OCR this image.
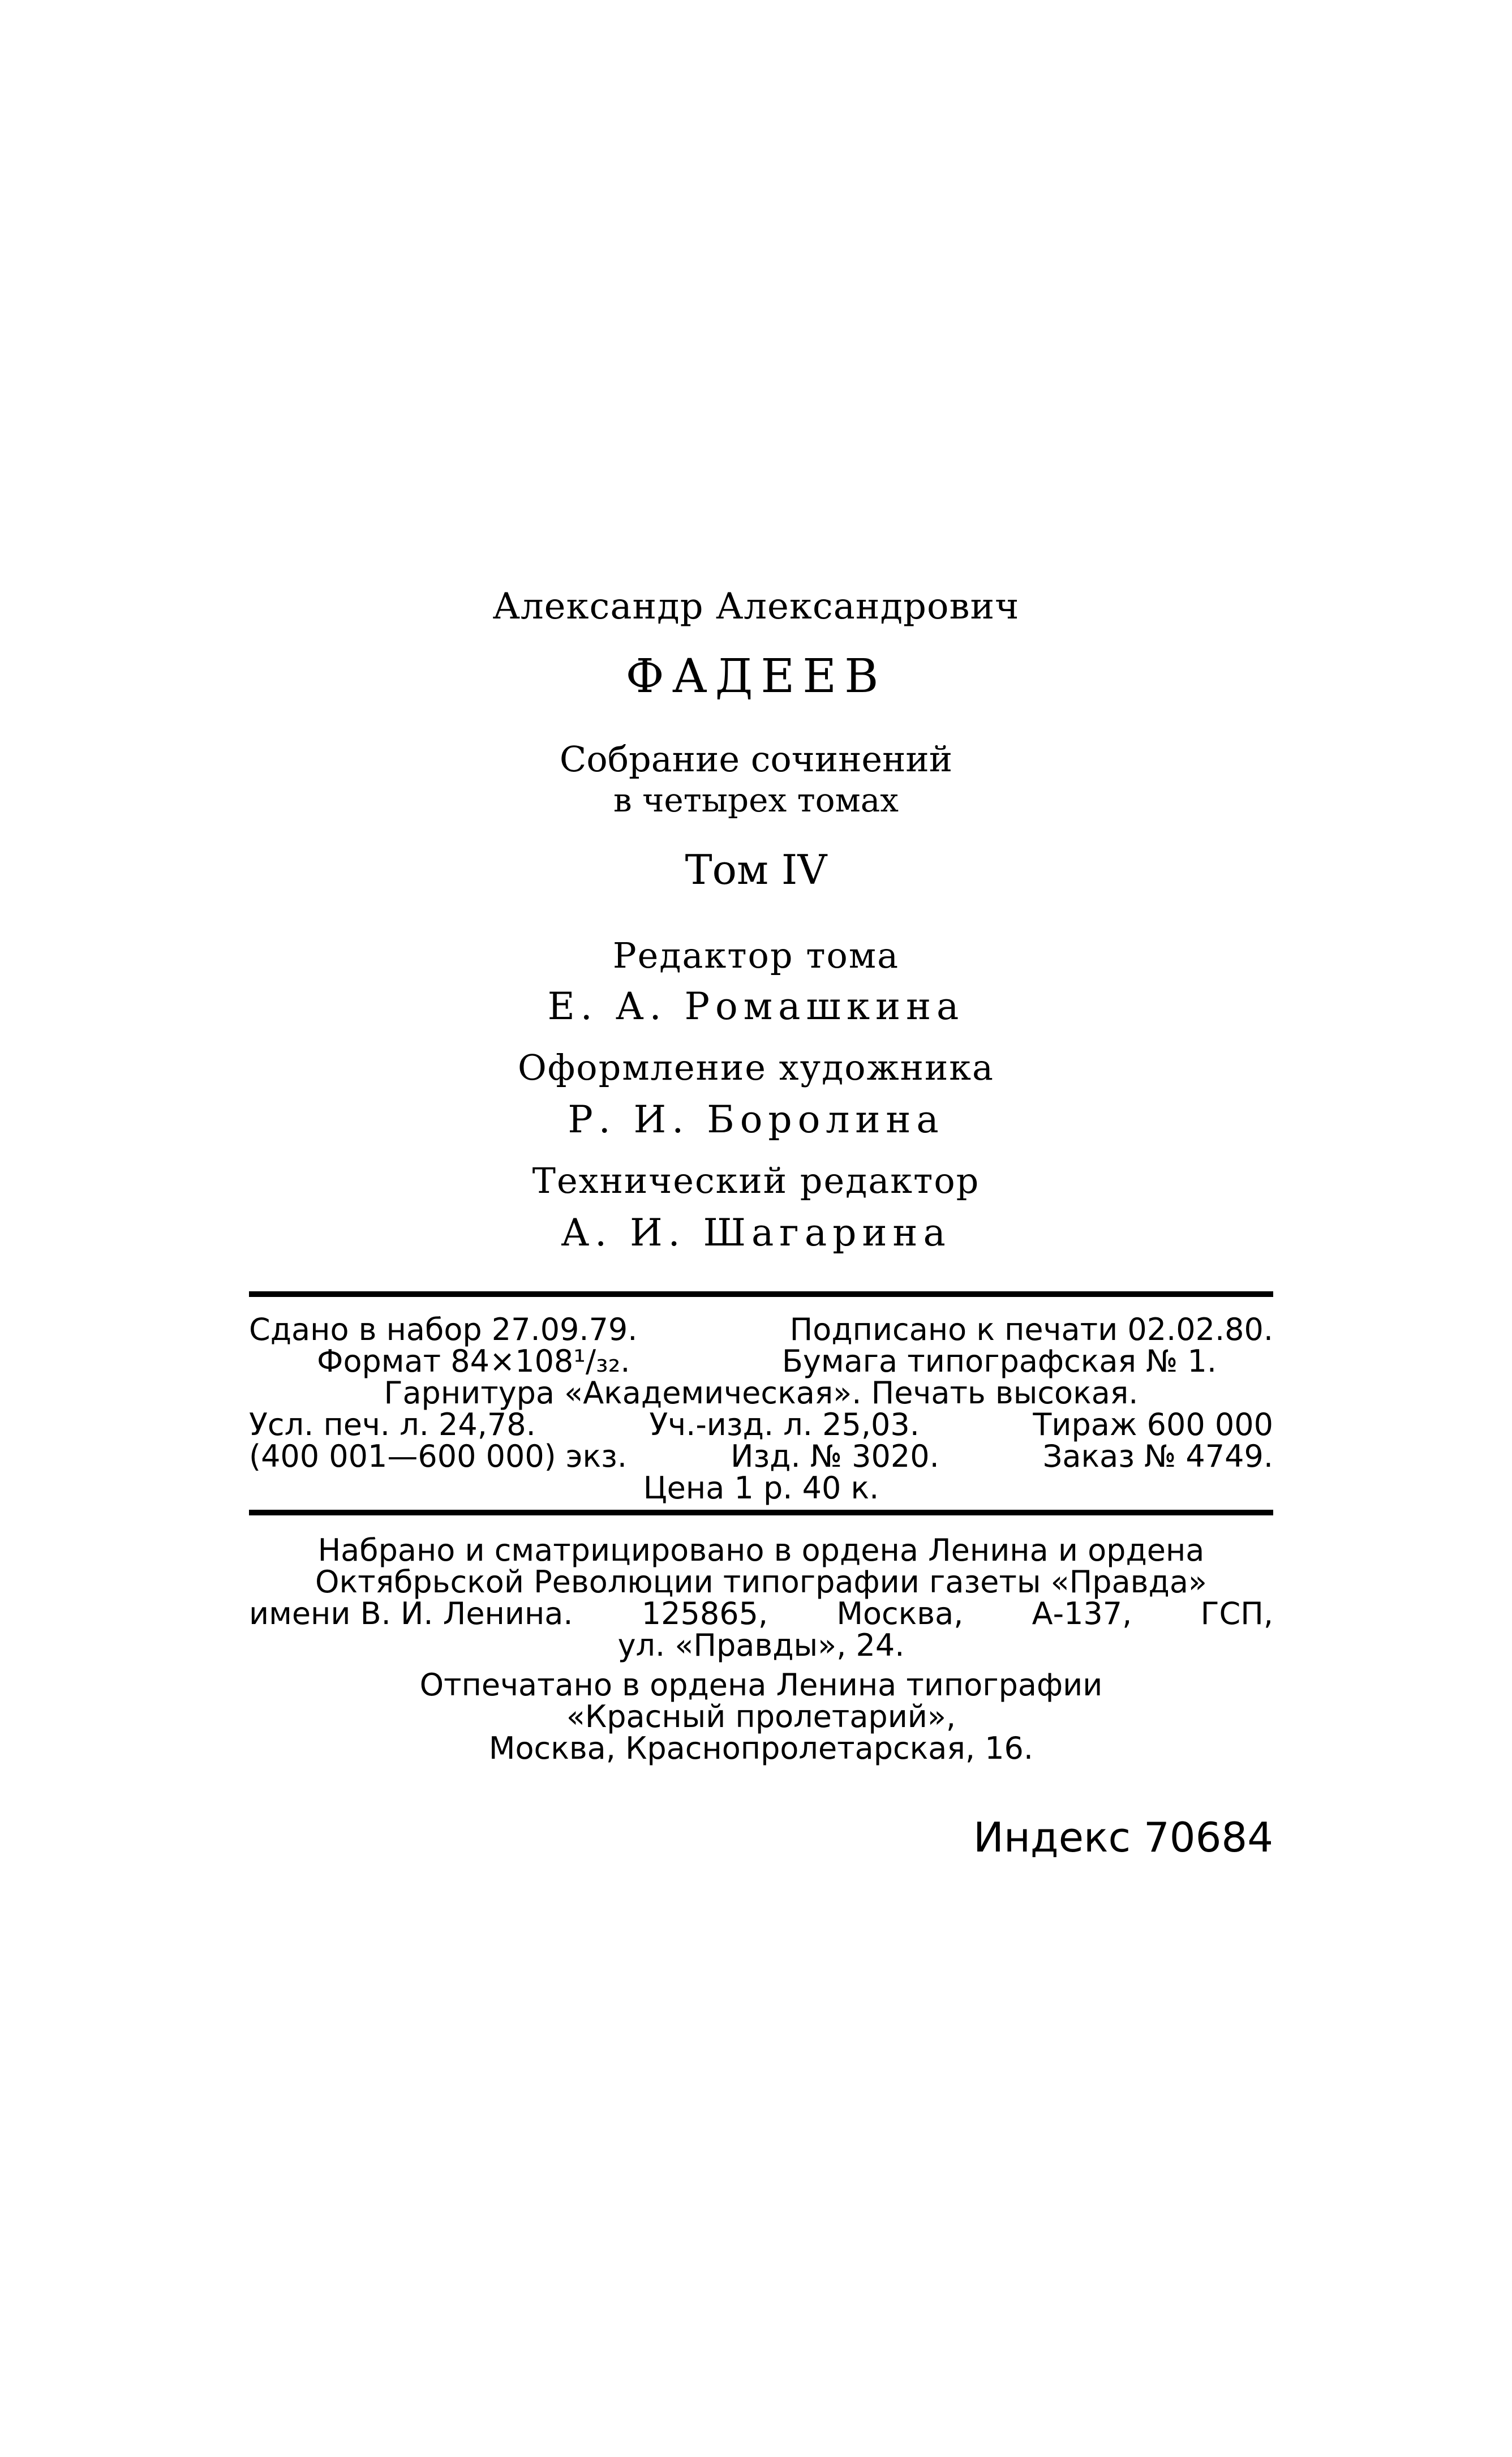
Александр Александрович
ФАДЕЕВ
Собрание сочинений
в четырех томах
Том IV
Редактор тома
Е. А. Ромашкина
Оформление художника
Р. И. Боролина
Технический редактор
А. И. Шагарина
Сдано в набор 27.09.79.	Подписано к печати 02.02.80.
Формат 84×108¹/₃₂.	Бумага типографская № 1.
Гарнитура «Академическая». Печать высокая.
Усл. печ. л. 24,78.	Уч.-изд. л. 25,03.	Тираж 600 000
(400 001—600 000) экз.	Изд. № 3020.	Заказ № 4749.
Цена 1 р. 40 к.
Набрано и сматрицировано в ордена Ленина и ордена
Октябрьской Революции типографии газеты «Правда»
имени В. И. Ленина. 125865, Москва, А-137, ГСП,
ул. «Правды», 24.
Отпечатано в ордена Ленина типографии
«Красный пролетарий»,
Москва, Краснопролетарская, 16.
Индекс 70684
